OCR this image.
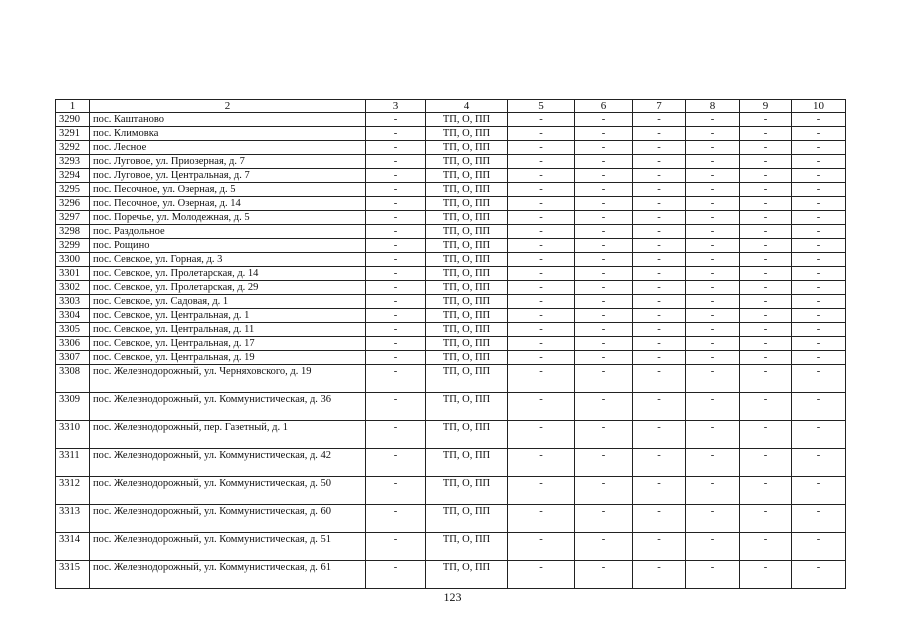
1	2	3	4	5	6	7	8	9	10
3290	пос. Каштаново	-	ТП, О, ПП	-	-	-	-	-	-
3291	пос. Климовка	-	ТП, О, ПП	-	-	-	-	-	-
3292	пос. Лесное	-	ТП, О, ПП	-	-	-	-	-	-
3293	пос. Луговое, ул. Приозерная, д. 7	-	ТП, О, ПП	-	-	-	-	-	-
3294	пос. Луговое, ул. Центральная, д. 7	-	ТП, О, ПП	-	-	-	-	-	-
3295	пос. Песочное, ул. Озерная, д. 5	-	ТП, О, ПП	-	-	-	-	-	-
3296	пос. Песочное, ул. Озерная, д. 14	-	ТП, О, ПП	-	-	-	-	-	-
3297	пос. Поречье, ул. Молодежная, д. 5	-	ТП, О, ПП	-	-	-	-	-	-
3298	пос. Раздольное	-	ТП, О, ПП	-	-	-	-	-	-
3299	пос. Рощино	-	ТП, О, ПП	-	-	-	-	-	-
3300	пос. Севское, ул. Горная, д. 3	-	ТП, О, ПП	-	-	-	-	-	-
3301	пос. Севское, ул. Пролетарская, д. 14	-	ТП, О, ПП	-	-	-	-	-	-
3302	пос. Севское, ул. Пролетарская, д. 29	-	ТП, О, ПП	-	-	-	-	-	-
3303	пос. Севское, ул. Садовая, д. 1	-	ТП, О, ПП	-	-	-	-	-	-
3304	пос. Севское, ул. Центральная, д. 1	-	ТП, О, ПП	-	-	-	-	-	-
3305	пос. Севское, ул. Центральная, д. 11	-	ТП, О, ПП	-	-	-	-	-	-
3306	пос. Севское, ул. Центральная, д. 17	-	ТП, О, ПП	-	-	-	-	-	-
3307	пос. Севское, ул. Центральная, д. 19	-	ТП, О, ПП	-	-	-	-	-	-
3308	пос. Железнодорожный, ул. Черняховского, д. 19	-	ТП, О, ПП	-	-	-	-	-	-
3309	пос. Железнодорожный, ул. Коммунистическая, д. 36	-	ТП, О, ПП	-	-	-	-	-	-
3310	пос. Железнодорожный, пер. Газетный, д. 1	-	ТП, О, ПП	-	-	-	-	-	-
3311	пос. Железнодорожный, ул. Коммунистическая, д. 42	-	ТП, О, ПП	-	-	-	-	-	-
3312	пос. Железнодорожный, ул. Коммунистическая, д. 50	-	ТП, О, ПП	-	-	-	-	-	-
3313	пос. Железнодорожный, ул. Коммунистическая, д. 60	-	ТП, О, ПП	-	-	-	-	-	-
3314	пос. Железнодорожный, ул. Коммунистическая, д. 51	-	ТП, О, ПП	-	-	-	-	-	-
3315	пос. Железнодорожный, ул. Коммунистическая, д. 61	-	ТП, О, ПП	-	-	-	-	-	-
123
